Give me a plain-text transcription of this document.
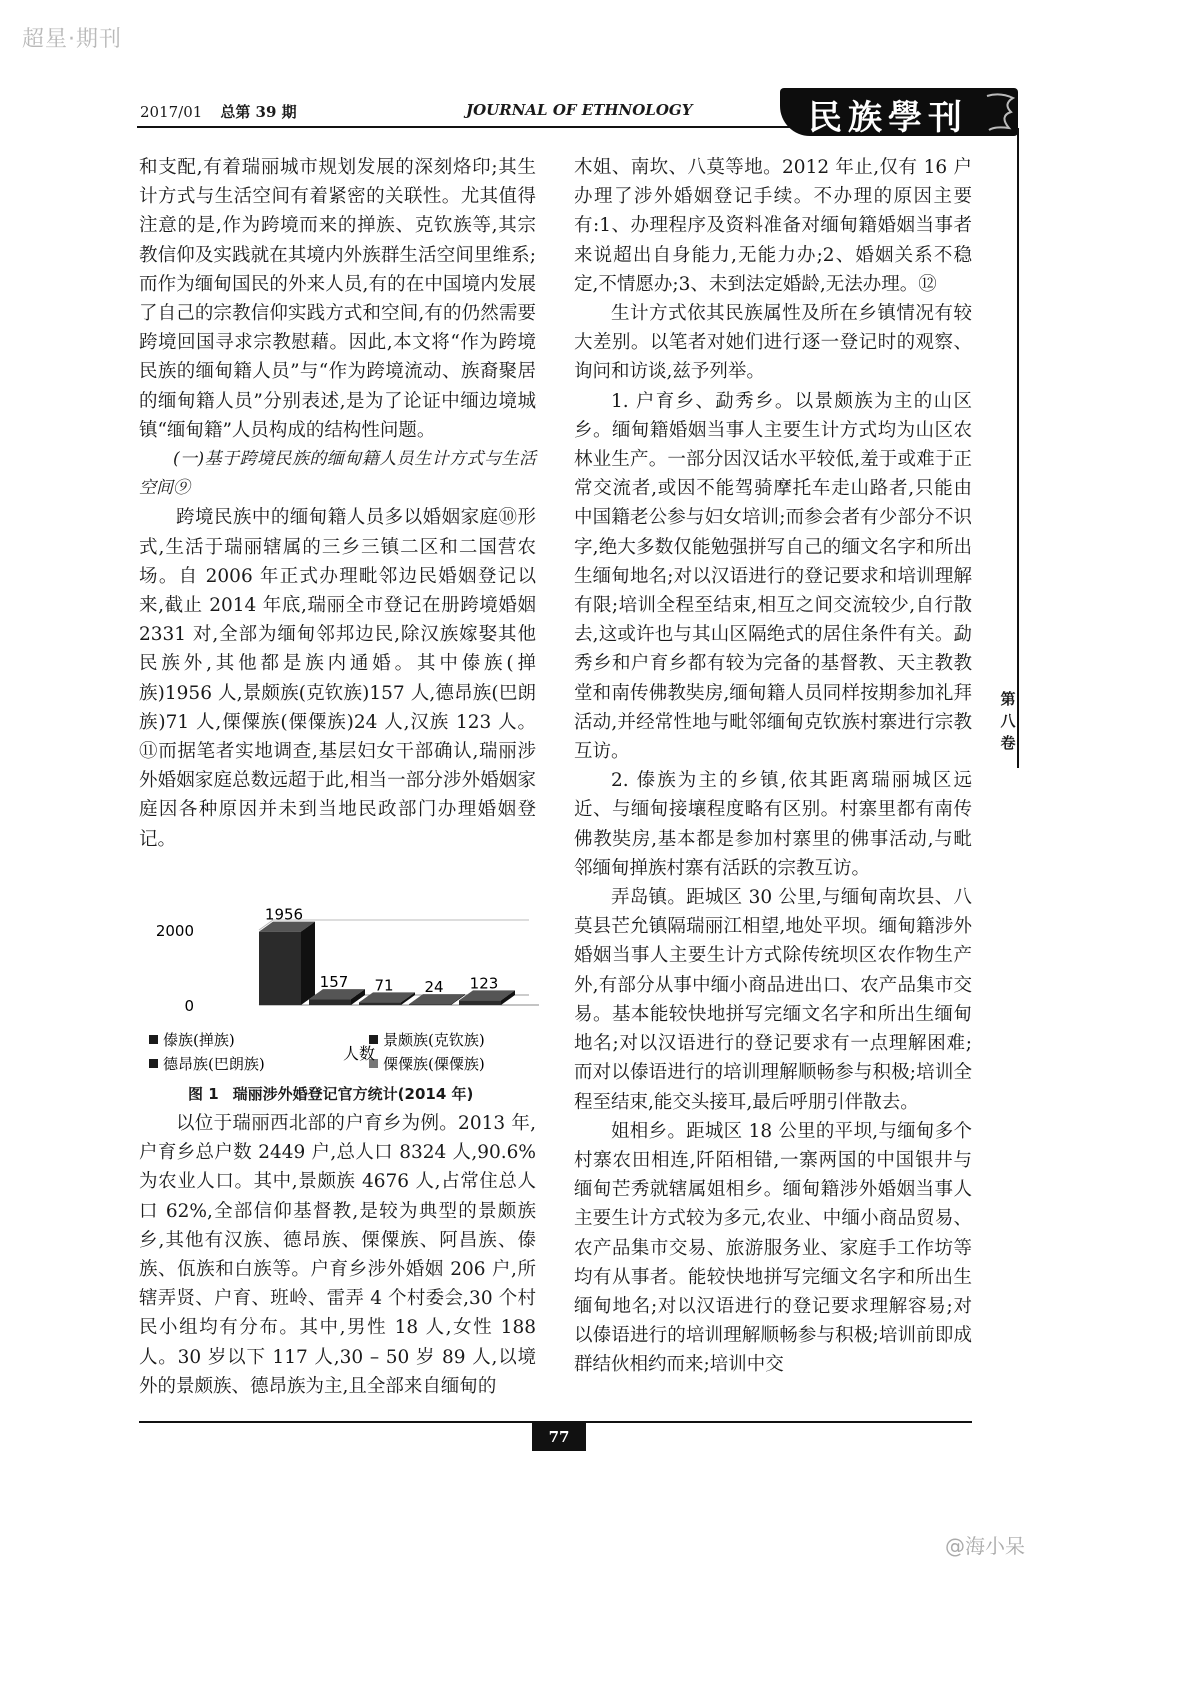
超星·期刊
2017/01 总第 39 期	JOURNAL OF ETHNOLOGY	民族學刊
第八卷

和支配,有着瑞丽城市规划发展的深刻烙印;其生计方式与生活空间有着紧密的关联性。尤其值得注意的是,作为跨境而来的掸族、克钦族等,其宗教信仰及实践就在其境内外族群生活空间里维系;而作为缅甸国民的外来人员,有的在中国境内发展了自己的宗教信仰实践方式和空间,有的仍然需要跨境回国寻求宗教慰藉。因此,本文将“作为跨境民族的缅甸籍人员”与“作为跨境流动、族裔聚居的缅甸籍人员”分别表述,是为了论证中缅边境城镇“缅甸籍”人员构成的结构性问题。

(一)基于跨境民族的缅甸籍人员生计方式与生活空间⑨

跨境民族中的缅甸籍人员多以婚姻家庭⑩形式,生活于瑞丽辖属的三乡三镇二区和二国营农场。自 2006 年正式办理毗邻边民婚姻登记以来,截止 2014 年底,瑞丽全市登记在册跨境婚姻 2331 对,全部为缅甸邻邦边民,除汉族嫁娶其他民族外,其他都是族内通婚。其中傣族(掸族)1956 人,景颇族(克钦族)157 人,德昂族(巴朗族)71 人,傈僳族(傈僳族)24 人,汉族 123 人。⑪而据笔者实地调查,基层妇女干部确认,瑞丽涉外婚姻家庭总数远超于此,相当一部分涉外婚姻家庭因各种原因并未到当地民政部门办理婚姻登记。

0
2000
1956
157 71 24 123
傣族(掸族)	景颇族(克钦族)
德昂族(巴朗族)	傈僳族(傈僳族)
人数
图 1 瑞丽涉外婚登记官方统计(2014 年)

以位于瑞丽西北部的户育乡为例。2013 年,户育乡总户数 2449 户,总人口 8324 人,90.6% 为农业人口。其中,景颇族 4676 人,占常住总人口 62%,全部信仰基督教,是较为典型的景颇族乡,其他有汉族、德昂族、傈僳族、阿昌族、傣族、佤族和白族等。户育乡涉外婚姻 206 户,所辖弄贤、户育、班岭、雷弄 4 个村委会,30 个村民小组均有分布。其中,男性 18 人,女性 188 人。30 岁以下 117 人,30 – 50 岁 89 人,以境外的景颇族、德昂族为主,且全部来自缅甸的

木姐、南坎、八莫等地。2012 年止,仅有 16 户办理了涉外婚姻登记手续。不办理的原因主要有:1、办理程序及资料准备对缅甸籍婚姻当事者来说超出自身能力,无能力办;2、婚姻关系不稳定,不情愿办;3、未到法定婚龄,无法办理。⑫

生计方式依其民族属性及所在乡镇情况有较大差别。以笔者对她们进行逐一登记时的观察、询问和访谈,兹予列举。

1. 户育乡、勐秀乡。以景颇族为主的山区乡。缅甸籍婚姻当事人主要生计方式均为山区农林业生产。一部分因汉话水平较低,羞于或难于正常交流者,或因不能驾骑摩托车走山路者,只能由中国籍老公参与妇女培训;而参会者有少部分不识字,绝大多数仅能勉强拼写自己的缅文名字和所出生缅甸地名;对以汉语进行的登记要求和培训理解有限;培训全程至结束,相互之间交流较少,自行散去,这或许也与其山区隔绝式的居住条件有关。勐秀乡和户育乡都有较为完备的基督教、天主教教堂和南传佛教奘房,缅甸籍人员同样按期参加礼拜活动,并经常性地与毗邻缅甸克钦族村寨进行宗教互访。

2. 傣族为主的乡镇,依其距离瑞丽城区远近、与缅甸接壤程度略有区别。村寨里都有南传佛教奘房,基本都是参加村寨里的佛事活动,与毗邻缅甸掸族村寨有活跃的宗教互访。

弄岛镇。距城区 30 公里,与缅甸南坎县、八莫县芒允镇隔瑞丽江相望,地处平坝。缅甸籍涉外婚姻当事人主要生计方式除传统坝区农作物生产外,有部分从事中缅小商品进出口、农产品集市交易。基本能较快地拼写完缅文名字和所出生缅甸地名;对以汉语进行的登记要求有一点理解困难;而对以傣语进行的培训理解顺畅参与积极;培训全程至结束,能交头接耳,最后呼朋引伴散去。

姐相乡。距城区 18 公里的平坝,与缅甸多个村寨农田相连,阡陌相错,一寨两国的中国银井与缅甸芒秀就辖属姐相乡。缅甸籍涉外婚姻当事人主要生计方式较为多元,农业、中缅小商品贸易、农产品集市交易、旅游服务业、家庭手工作坊等均有从事者。能较快地拼写完缅文名字和所出生缅甸地名;对以汉语进行的登记要求理解容易;对以傣语进行的培训理解顺畅参与积极;培训前即成群结伙相约而来;培训中交

77
@海小呆
